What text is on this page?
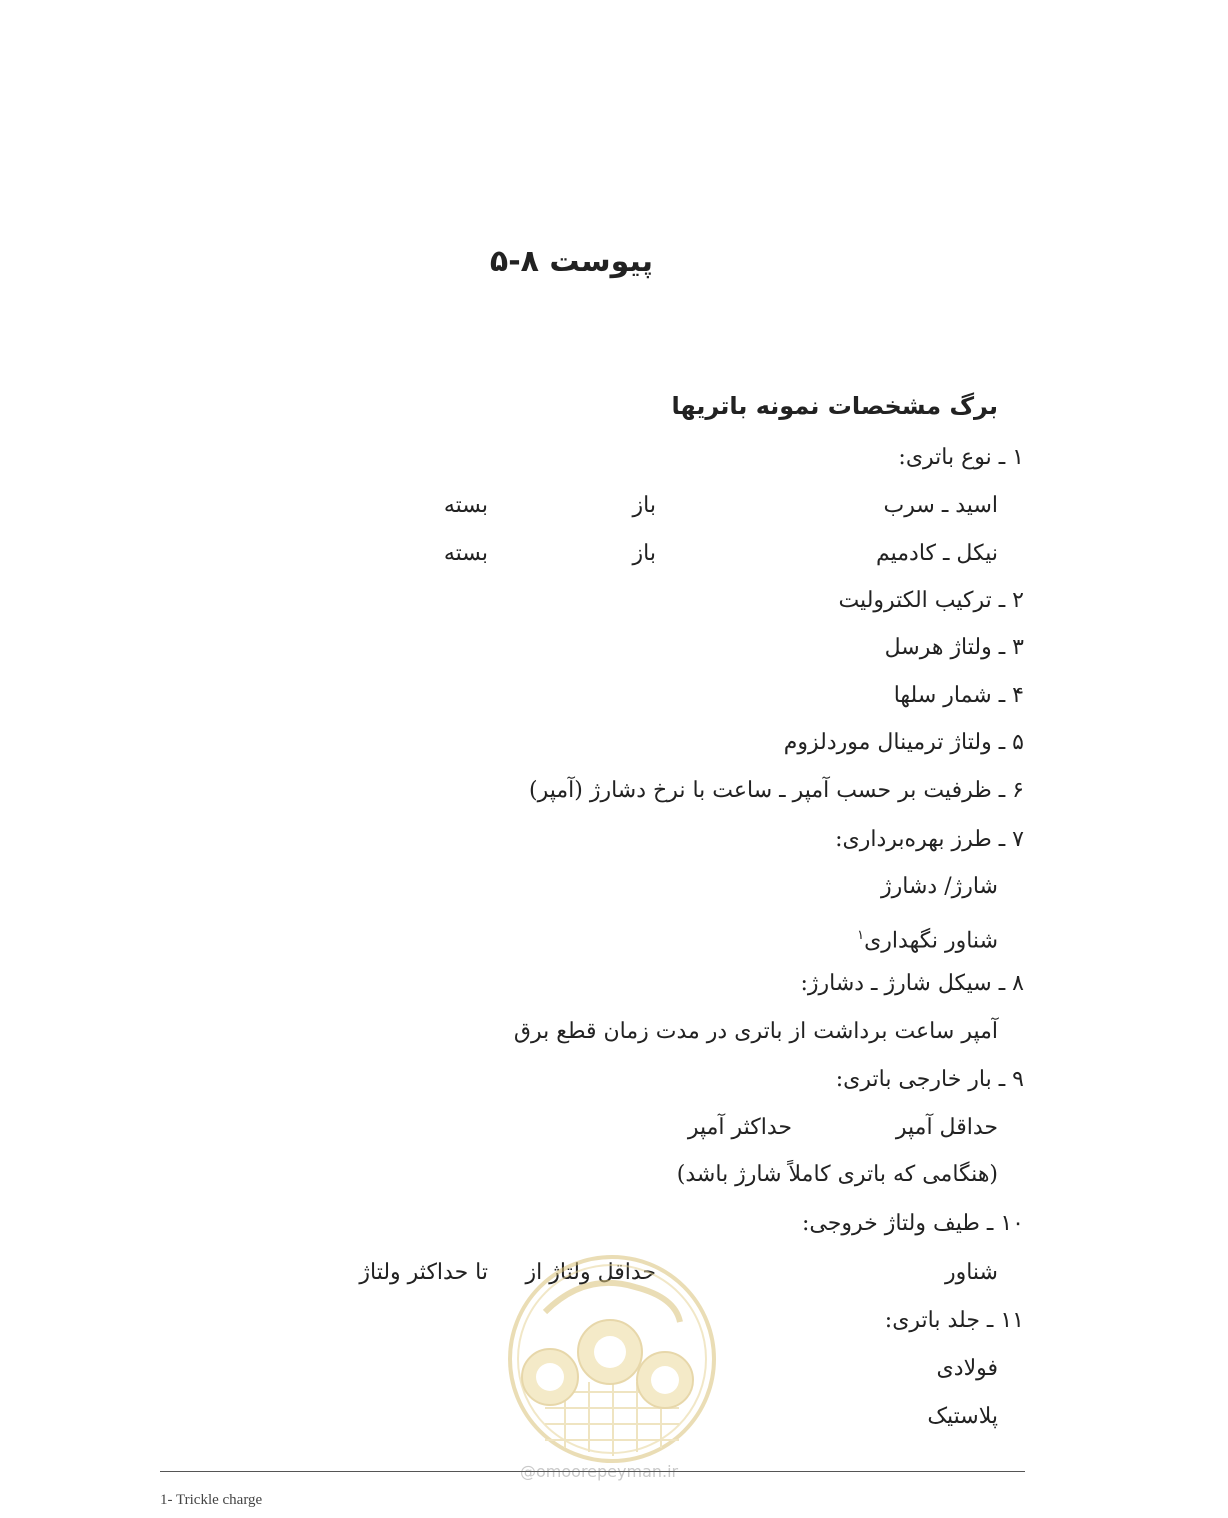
پیوست ۸-۵
برگ مشخصات نمونه باتریها
۱ ـ نوع باتری:
اسید ـ سرب
باز
بسته
نیکل ـ کادمیم
باز
بسته
۲ ـ ترکیب الکترولیت
۳ ـ ولتاژ هرسل
۴ ـ شمار سلها
۵ ـ ولتاژ ترمینال موردلزوم
۶ ـ ظرفیت بر حسب آمپر ـ ساعت با نرخ دشارژ (آمپر)
۷ ـ طرز بهره‌برداری:
شارژ/ دشارژ
شناور نگهداری$^۱$
۸ ـ سیکل شارژ ـ دشارژ:
آمپر ساعت برداشت از باتری در مدت زمان قطع برق
۹ ـ بار خارجی باتری:
حداقل آمپر
حداکثر آمپر
(هنگامی که باتری کاملاً شارژ باشد)
۱۰ ـ طیف ولتاژ خروجی:
شناور
حداقل ولتاژ از
تا حداکثر ولتاژ
۱۱ ـ جلد باتری:
فولادی
پلاستیک
@omoorepeyman.ir
1- Trickle charge
